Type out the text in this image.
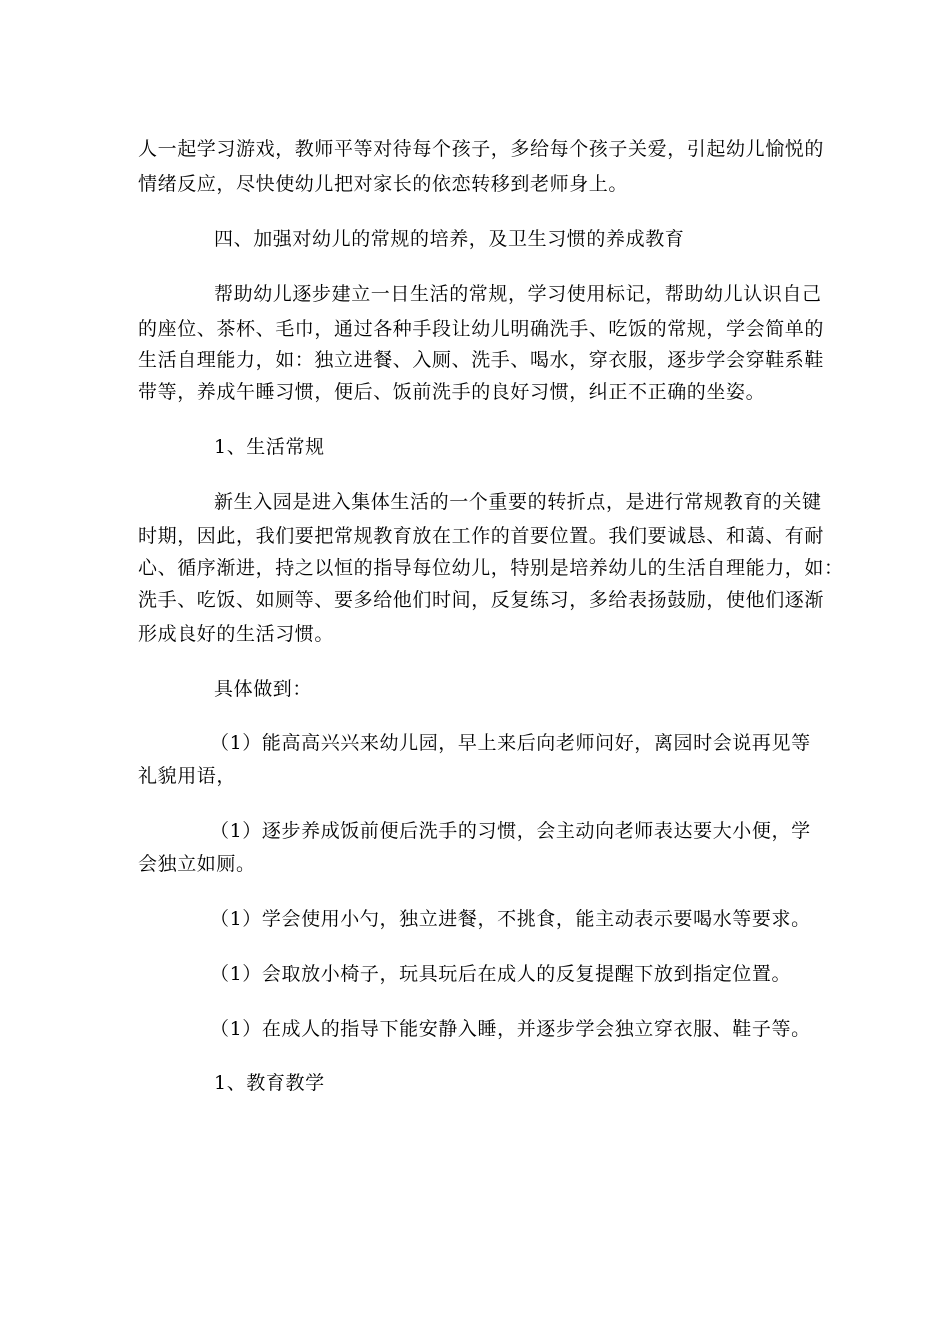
人一起学习游戏，教师平等对待每个孩子，多给每个孩子关爱，引起幼儿愉悦的
情绪反应，尽快使幼儿把对家长的依恋转移到老师身上。
四、加强对幼儿的常规的培养，及卫生习惯的养成教育
帮助幼儿逐步建立一日生活的常规，学习使用标记，帮助幼儿认识自己
的座位、茶杯、毛巾，通过各种手段让幼儿明确洗手、吃饭的常规，学会简单的
生活自理能力，如：独立进餐、入厕、洗手、喝水，穿衣服，逐步学会穿鞋系鞋
带等，养成午睡习惯，便后、饭前洗手的良好习惯，纠正不正确的坐姿。
1、生活常规
新生入园是进入集体生活的一个重要的转折点，是进行常规教育的关键
时期，因此，我们要把常规教育放在工作的首要位置。我们要诚恳、和蔼、有耐
心、循序渐进，持之以恒的指导每位幼儿，特别是培养幼儿的生活自理能力，如：
洗手、吃饭、如厕等、要多给他们时间，反复练习，多给表扬鼓励，使他们逐渐
形成良好的生活习惯。
具体做到：
（1）能高高兴兴来幼儿园，早上来后向老师问好，离园时会说再见等
礼貌用语，
（1）逐步养成饭前便后洗手的习惯，会主动向老师表达要大小便，学
会独立如厕。
（1）学会使用小勺，独立进餐，不挑食，能主动表示要喝水等要求。
（1）会取放小椅子，玩具玩后在成人的反复提醒下放到指定位置。
（1）在成人的指导下能安静入睡，并逐步学会独立穿衣服、鞋子等。
1、教育教学
